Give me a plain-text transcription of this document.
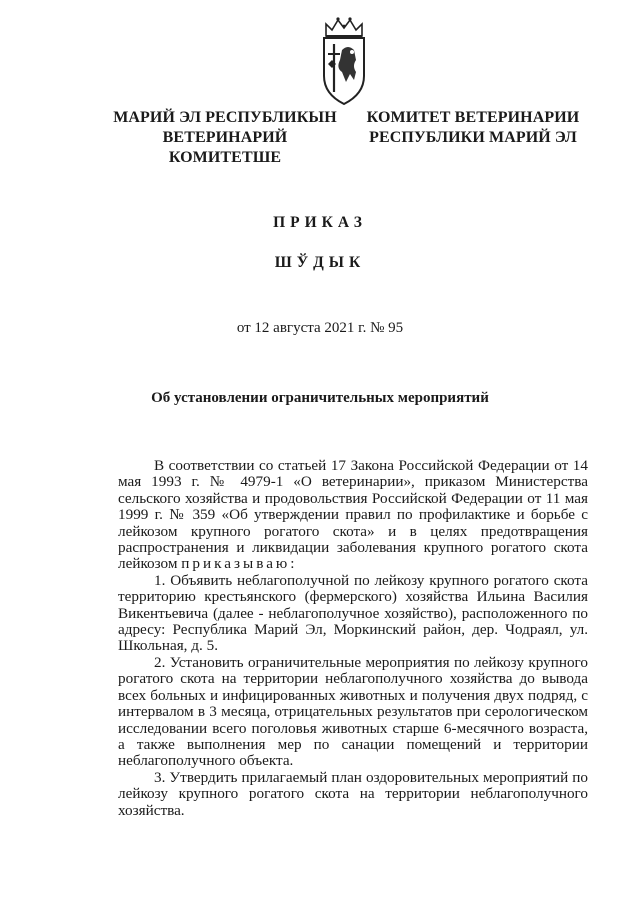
МАРИЙ ЭЛ РЕСПУБЛИКЫН
ВЕТЕРИНАРИЙ КОМИТЕТШЕ
КОМИТЕТ ВЕТЕРИНАРИИ
РЕСПУБЛИКИ МАРИЙ ЭЛ
ПРИКАЗ
ШЎДЫК
от 12 августа 2021 г. № 95
Об установлении ограничительных мероприятий

В соответствии со статьей 17 Закона Российской Федерации от 14 мая 1993 г. № 4979-1 «О ветеринарии», приказом Министерства сельского хозяйства и продовольствия Российской Федерации от 11 мая 1999 г. № 359 «Об утверждении правил по профилактике и борьбе с лейкозом крупного рогатого скота» и в целях предотвращения распространения и ликвидации заболевания крупного рогатого скота лейкозом приказываю:

1. Объявить неблагополучной по лейкозу крупного рогатого скота территорию крестьянского (фермерского) хозяйства Ильина Василия Викентьевича (далее - неблагополучное хозяйство), расположенного по адресу: Республика Марий Эл, Моркинский район, дер. Чодраял, ул. Школьная, д. 5.

2. Установить ограничительные мероприятия по лейкозу крупного рогатого скота на территории неблагополучного хозяйства до вывода всех больных и инфицированных животных и получения двух подряд, с интервалом в 3 месяца, отрицательных результатов при серологическом исследовании всего поголовья животных старше 6-месячного возраста, а также выполнения мер по санации помещений и территории неблагополучного объекта.

3. Утвердить прилагаемый план оздоровительных мероприятий по лейкозу крупного рогатого скота на территории неблагополучного хозяйства.
